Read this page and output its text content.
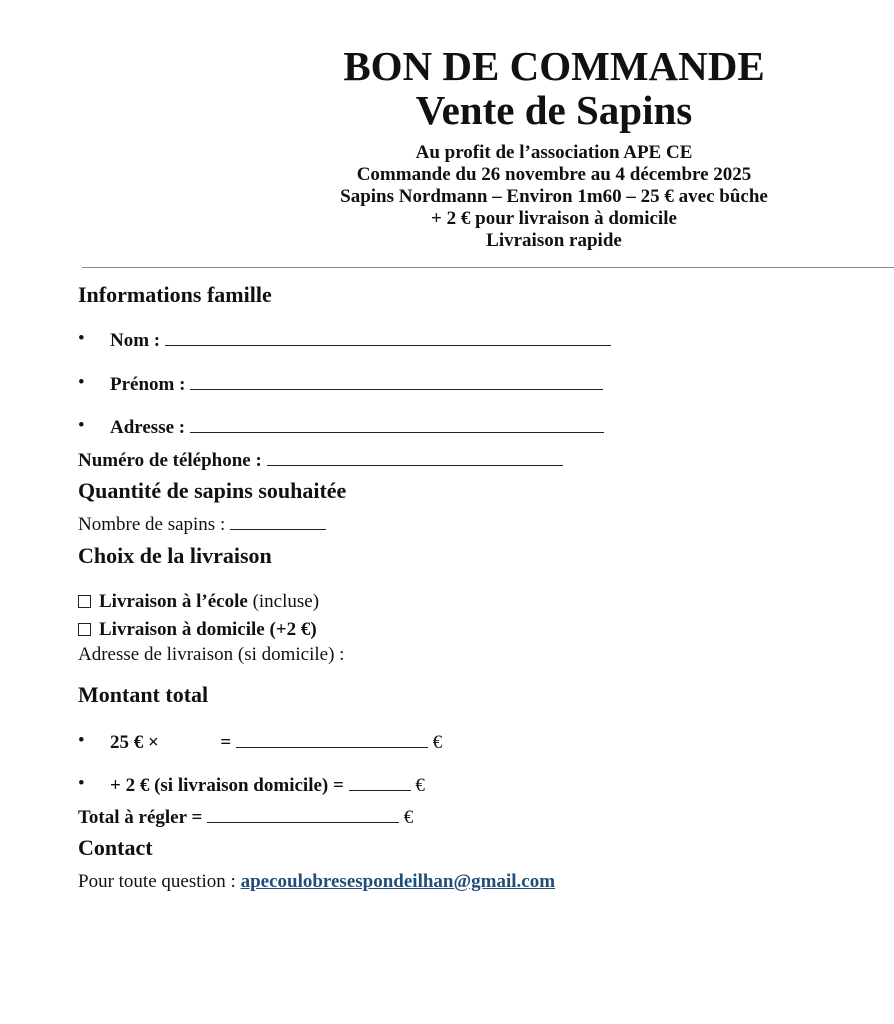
BON DE COMMANDE
Vente de Sapins
Au profit de l’association APE CE
Commande du 26 novembre au 4 décembre 2025
Sapins Nordmann – Environ 1m60 – 25 € avec bûche
+ 2 € pour livraison à domicile
Livraison rapide
Informations famille
• Nom :
• Prénom :
• Adresse :
Numéro de téléphone :
Quantité de sapins souhaitée
Nombre de sapins :
Choix de la livraison
Livraison à l’école (incluse)
Livraison à domicile (+2 €)
Adresse de livraison (si domicile) :
Montant total
• 25 € ×	=	€
• + 2 € (si livraison domicile) =	€
Total à régler =	€
Contact
Pour toute question : apecoulobresespondeilhan@gmail.com
